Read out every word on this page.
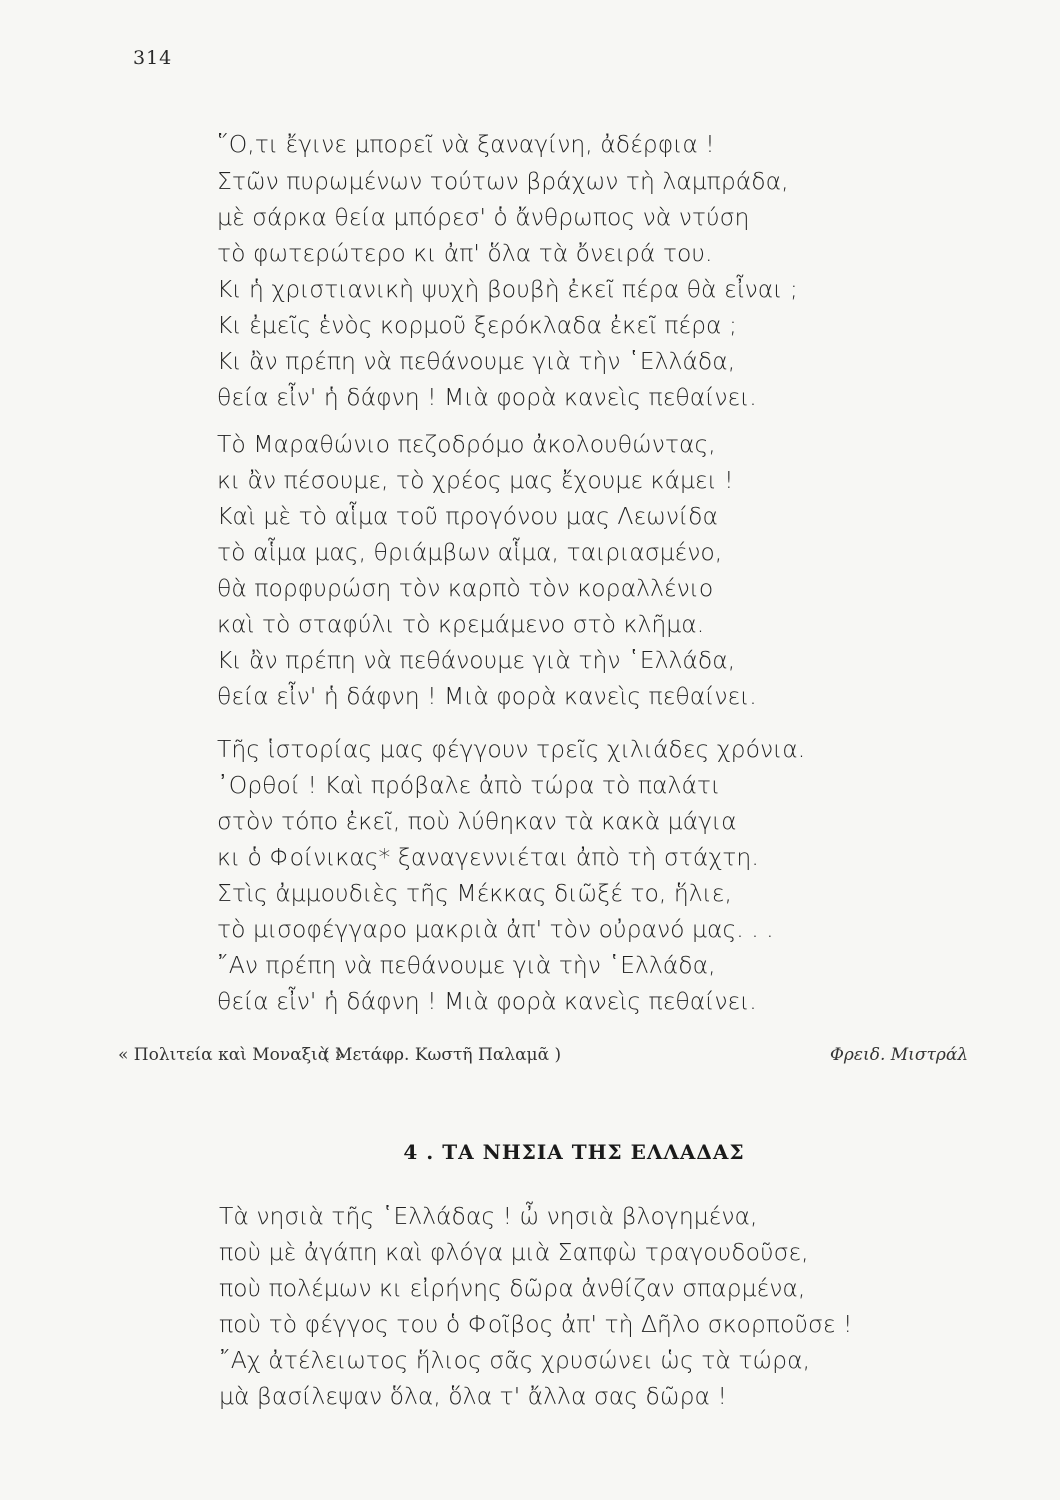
314
῞Ο,τι ἔγινε μπορεῖ νὰ ξαναγίνη, ἀδέρφια !
Στῶν πυρωμένων τούτων βράχων τὴ λαμπράδα,
μὲ σάρκα θεία μπόρεσ' ὁ ἄνθρωπος νὰ ντύση
τὸ φωτερώτερο κι ἀπ' ὅλα τὰ ὄνειρά του.
Κι ἡ χριστιανικὴ ψυχὴ βουβὴ ἐκεῖ πέρα θὰ εἶναι ;
Κι ἐμεῖς ἑνὸς κορμοῦ ξερόκλαδα ἐκεῖ πέρα ;
Κι ἂν πρέπη νὰ πεθάνουμε γιὰ τὴν ῾Ελλάδα,
θεία εἶν' ἡ δάφνη ! Μιὰ φορὰ κανεὶς πεθαίνει.
Τὸ Μαραθώνιο πεζοδρόμο ἀκολουθώντας,
κι ἂν πέσουμε, τὸ χρέος μας ἔχουμε κάμει !
Καὶ μὲ τὸ αἷμα τοῦ προγόνου μας Λεωνίδα
τὸ αἷμα μας, θριάμβων αἷμα, ταιριασμένο,
θὰ πορφυρώση τὸν καρπὸ τὸν κοραλλένιο
καὶ τὸ σταφύλι τὸ κρεμάμενο στὸ κλῆμα.
Κι ἂν πρέπη νὰ πεθάνουμε γιὰ τὴν ῾Ελλάδα,
θεία εἶν' ἡ δάφνη ! Μιὰ φορὰ κανεὶς πεθαίνει.
Τῆς ἱστορίας μας φέγγουν τρεῖς χιλιάδες χρόνια.
᾿Ορθοί ! Καὶ πρόβαλε ἀπὸ τώρα τὸ παλάτι
στὸν τόπο ἐκεῖ, ποὺ λύθηκαν τὰ κακὰ μάγια
κι ὁ Φοίνικας* ξαναγεννιέται ἀπὸ τὴ στάχτη.
Στὶς ἀμμουδιὲς τῆς Μέκκας διῶξέ το, ἥλιε,
τὸ μισοφέγγαρο μακριὰ ἀπ' τὸν οὐρανό μας. . .
῎Αν πρέπη νὰ πεθάνουμε γιὰ τὴν ῾Ελλάδα,
θεία εἶν' ἡ δάφνη ! Μιὰ φορὰ κανεὶς πεθαίνει.
« Πολιτεία καὶ Μοναξιὰ »
( Μετάφρ. Κωστῆ Παλαμᾶ )	Φρειδ. Μιστράλ
4 . ΤΑ ΝΗΣΙΑ ΤΗΣ ΕΛΛΑΔΑΣ
Τὰ νησιὰ τῆς ῾Ελλάδας ! ὦ νησιὰ βλογημένα,
ποὺ μὲ ἀγάπη καὶ φλόγα μιὰ Σαπφὼ τραγουδοῦσε,
ποὺ πολέμων κι εἰρήνης δῶρα ἀνθίζαν σπαρμένα,
ποὺ τὸ φέγγος του ὁ Φοῖβος ἀπ' τὴ Δῆλο σκορποῦσε !
῎Αχ ἀτέλειωτος ἥλιος σᾶς χρυσώνει ὡς τὰ τώρα,
μὰ βασίλεψαν ὅλα, ὅλα τ' ἄλλα σας δῶρα !
